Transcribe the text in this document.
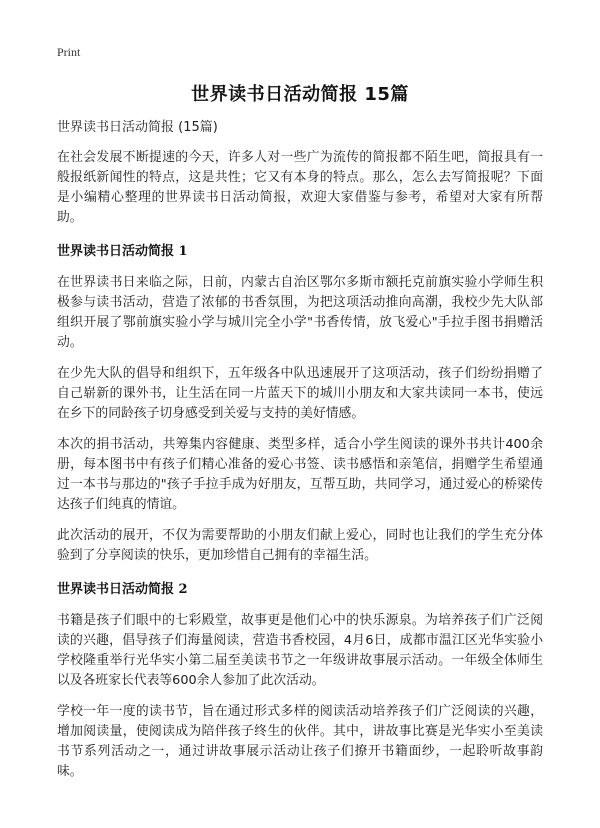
Print
世界读书日活动简报 15篇
世界读书日活动简报 (15篇)

在社会发展不断提速的今天，许多人对一些广为流传的简报都不陌生吧，简报具有一般报纸新闻性的特点，这是共性；它又有本身的特点。那么，怎么去写简报呢？下面是小编精心整理的世界读书日活动简报，欢迎大家借鉴与参考，希望对大家有所帮助。

世界读书日活动简报 1

在世界读书日来临之际，日前，内蒙古自治区鄂尔多斯市额托克前旗实验小学师生积极参与读书活动，营造了浓郁的书香氛围，为把这项活动推向高潮，我校少先大队部组织开展了鄂前旗实验小学与城川完全小学"书香传情，放飞爱心"手拉手图书捐赠活动。

在少先大队的倡导和组织下，五年级各中队迅速展开了这项活动，孩子们纷纷捐赠了自己崭新的课外书，让生活在同一片蓝天下的城川小朋友和大家共读同一本书，使远在乡下的同龄孩子切身感受到关爱与支持的美好情感。

本次的捐书活动，共筹集内容健康、类型多样，适合小学生阅读的课外书共计400余册，每本图书中有孩子们精心准备的爱心书签、读书感悟和亲笔信，捐赠学生希望通过一本书与那边的"孩子手拉手成为好朋友，互帮互助，共同学习，通过爱心的桥梁传达孩子们纯真的情谊。

此次活动的展开，不仅为需要帮助的小朋友们献上爱心，同时也让我们的学生充分体验到了分享阅读的快乐，更加珍惜自己拥有的幸福生活。

世界读书日活动简报 2

书籍是孩子们眼中的七彩殿堂，故事更是他们心中的快乐源泉。为培养孩子们广泛阅读的兴趣，倡导孩子们海量阅读，营造书香校园，4月6日，成都市温江区光华实验小学校隆重举行光华实小第二届至美读书节之一年级讲故事展示活动。一年级全体师生以及各班家长代表等600余人参加了此次活动。

学校一年一度的读书节，旨在通过形式多样的阅读活动培养孩子们广泛阅读的兴趣，增加阅读量，使阅读成为陪伴孩子终生的伙伴。其中，讲故事比赛是光华实小至美读书节系列活动之一，通过讲故事展示活动让孩子们撩开书籍面纱，一起聆听故事韵味。
